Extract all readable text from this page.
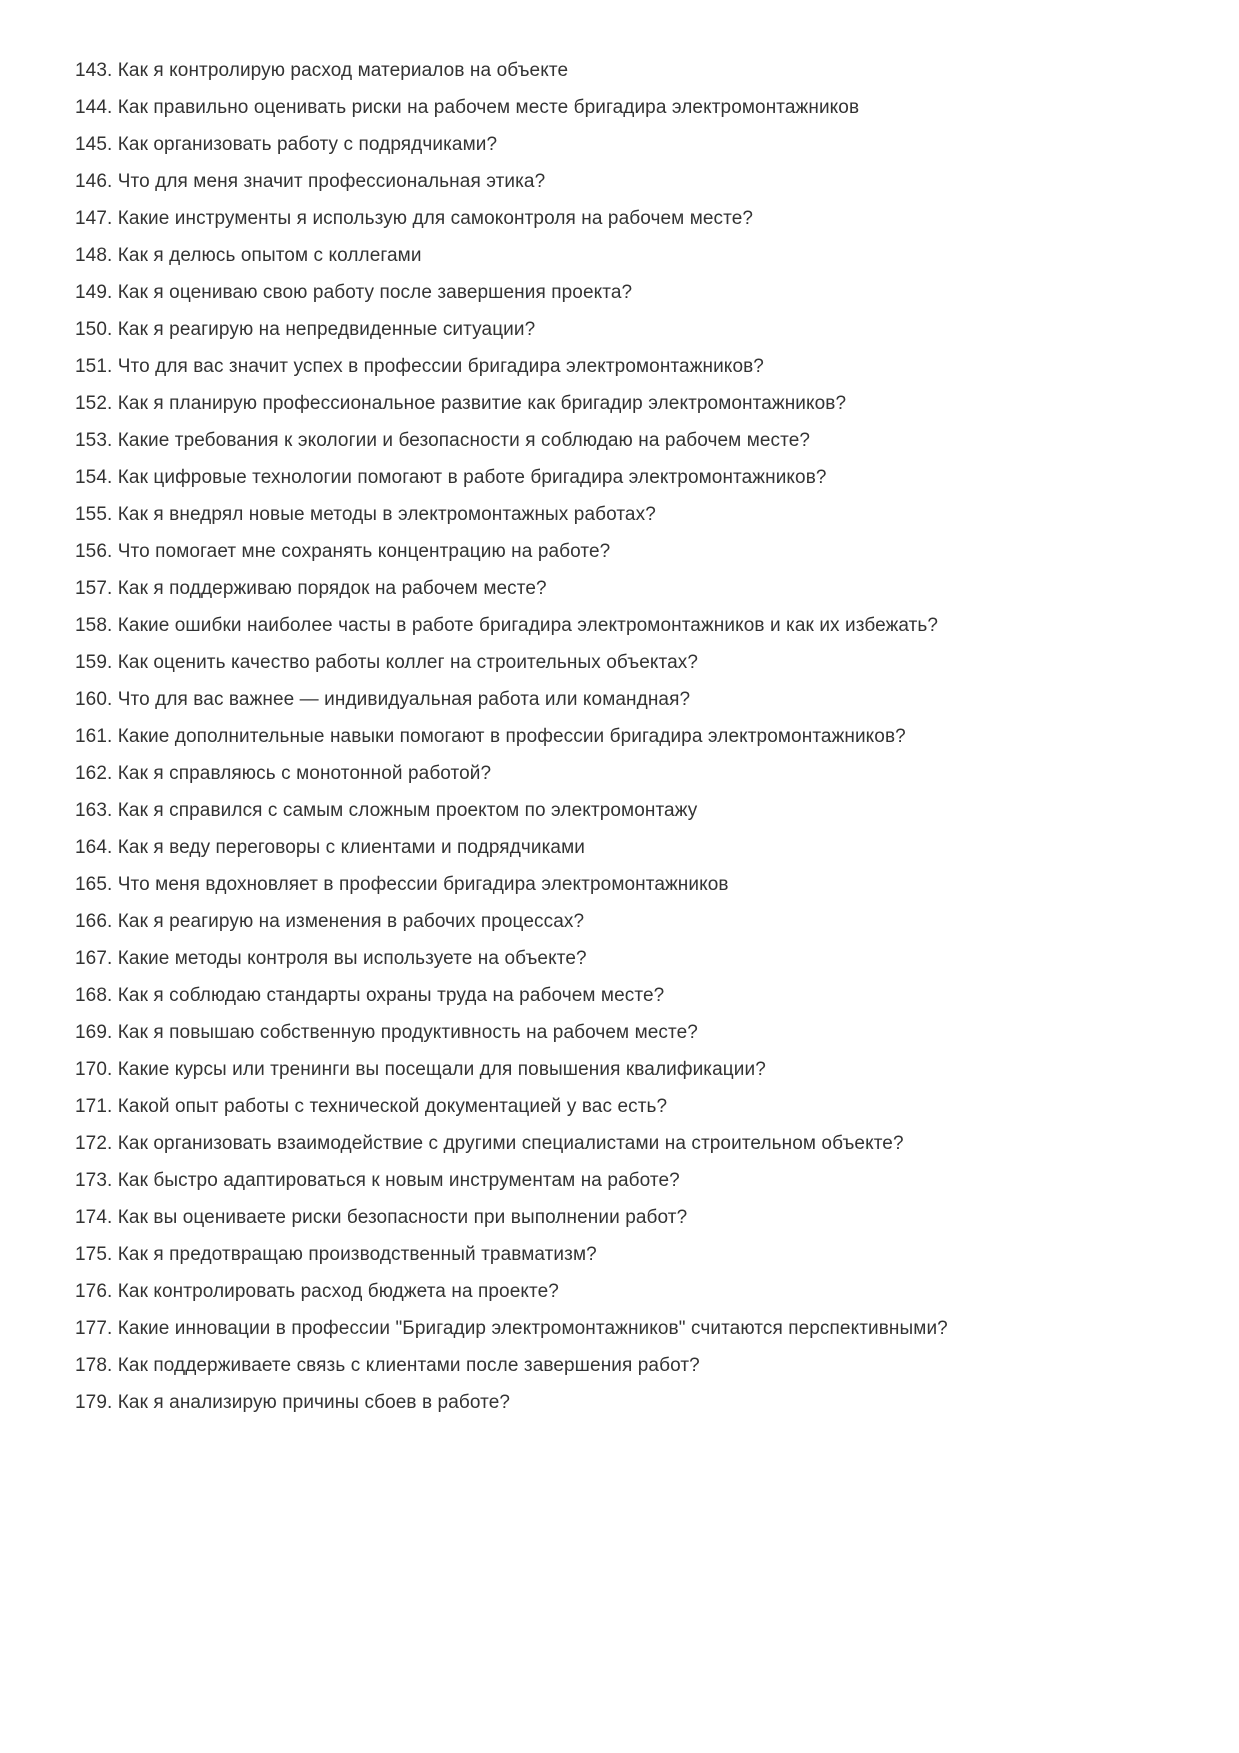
143. Как я контролирую расход материалов на объекте

144. Как правильно оценивать риски на рабочем месте бригадира электромонтажников

145. Как организовать работу с подрядчиками?

146. Что для меня значит профессиональная этика?

147. Какие инструменты я использую для самоконтроля на рабочем месте?

148. Как я делюсь опытом с коллегами

149. Как я оцениваю свою работу после завершения проекта?

150. Как я реагирую на непредвиденные ситуации?

151. Что для вас значит успех в профессии бригадира электромонтажников?

152. Как я планирую профессиональное развитие как бригадир электромонтажников?

153. Какие требования к экологии и безопасности я соблюдаю на рабочем месте?

154. Как цифровые технологии помогают в работе бригадира электромонтажников?

155. Как я внедрял новые методы в электромонтажных работах?

156. Что помогает мне сохранять концентрацию на работе?

157. Как я поддерживаю порядок на рабочем месте?

158. Какие ошибки наиболее часты в работе бригадира электромонтажников и как их избежать?

159. Как оценить качество работы коллег на строительных объектах?

160. Что для вас важнее — индивидуальная работа или командная?

161. Какие дополнительные навыки помогают в профессии бригадира электромонтажников?

162. Как я справляюсь с монотонной работой?

163. Как я справился с самым сложным проектом по электромонтажу

164. Как я веду переговоры с клиентами и подрядчиками

165. Что меня вдохновляет в профессии бригадира электромонтажников

166. Как я реагирую на изменения в рабочих процессах?

167. Какие методы контроля вы используете на объекте?

168. Как я соблюдаю стандарты охраны труда на рабочем месте?

169. Как я повышаю собственную продуктивность на рабочем месте?

170. Какие курсы или тренинги вы посещали для повышения квалификации?

171. Какой опыт работы с технической документацией у вас есть?

172. Как организовать взаимодействие с другими специалистами на строительном объекте?

173. Как быстро адаптироваться к новым инструментам на работе?

174. Как вы оцениваете риски безопасности при выполнении работ?

175. Как я предотвращаю производственный травматизм?

176. Как контролировать расход бюджета на проекте?

177. Какие инновации в профессии "Бригадир электромонтажников" считаются перспективными?

178. Как поддерживаете связь с клиентами после завершения работ?

179. Как я анализирую причины сбоев в работе?
